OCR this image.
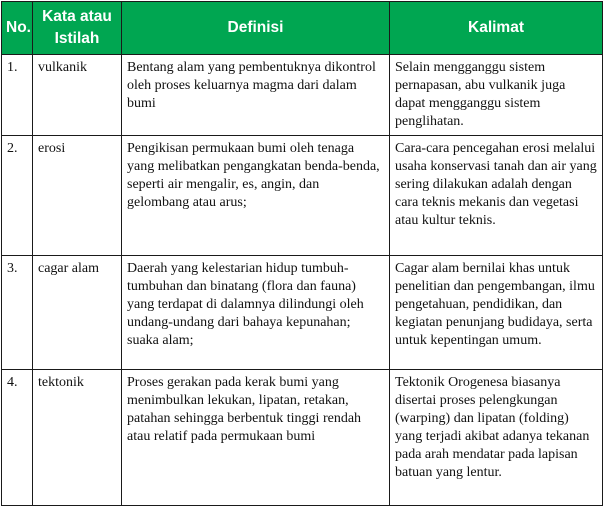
No.	Kata atau Istilah	Definisi	Kalimat
1.	vulkanik	Bentang alam yang pembentuknya dikontrol oleh proses keluarnya magma dari dalam bumi	Selain mengganggu sistem pernapasan, abu vulkanik juga dapat mengganggu sistem penglihatan.
2.	erosi	Pengikisan permukaan bumi oleh tenaga yang melibatkan pengangkatan benda-benda, seperti air mengalir, es, angin, dan gelombang atau arus;	Cara-cara pencegahan erosi melalui usaha konservasi tanah dan air yang sering dilakukan adalah dengan cara teknis mekanis dan vegetasi atau kultur teknis.
3.	cagar alam	Daerah yang kelestarian hidup tumbuh-tumbuhan dan binatang (flora dan fauna) yang terdapat di dalamnya dilindungi oleh undang-undang dari bahaya kepunahan; suaka alam;	Cagar alam bernilai khas untuk penelitian dan pengembangan, ilmu pengetahuan, pendidikan, dan kegiatan penunjang budidaya, serta untuk kepentingan umum.
4.	tektonik	Proses gerakan pada kerak bumi yang menimbulkan lekukan, lipatan, retakan, patahan sehingga berbentuk tinggi rendah atau relatif pada permukaan bumi	Tektonik Orogenesa biasanya disertai proses pelengkungan (warping) dan lipatan (folding) yang terjadi akibat adanya tekanan pada arah mendatar pada lapisan batuan yang lentur.
